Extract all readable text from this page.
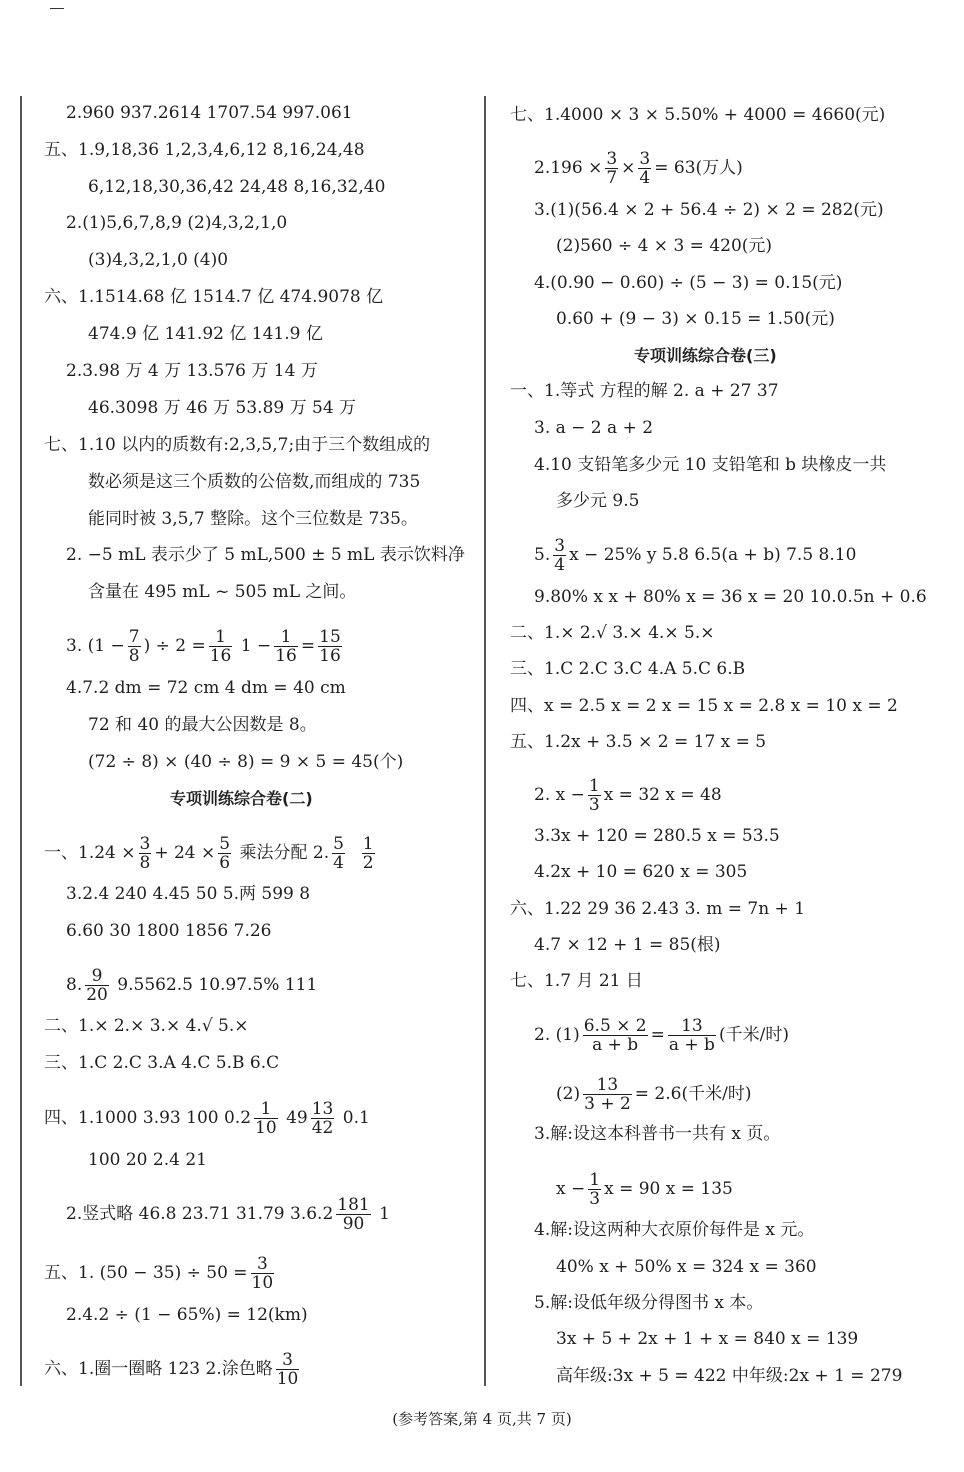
2.960 937.2614 1707.54 997.061
五、1.9,18,36 1,2,3,4,6,12 8,16,24,48
6,12,18,30,36,42 24,48 8,16,32,40
2.(1)5,6,7,8,9 (2)4,3,2,1,0
(3)4,3,2,1,0 (4)0
六、1.1514.68 亿 1514.7 亿 474.9078 亿
474.9 亿 141.92 亿 141.9 亿
2.3.98 万 4 万 13.576 万 14 万
46.3098 万 46 万 53.89 万 54 万
七、1.10 以内的质数有:2,3,5,7;由于三个数组成的
数必须是这三个质数的公倍数,而组成的 735
能同时被 3,5,7 整除。这个三位数是 735。
2. −5 mL 表示少了 5 mL,500 ± 5 mL 表示饮料净
含量在 495 mL ~ 505 mL 之间。
3. ($1 - \frac{7}{8}$ ) ÷ $2 = \frac{1}{16} 1 - \frac{1}{16} = \frac{15}{16}$
4.7.2 dm = 72 cm 4 dm = 40 cm
72 和 40 的最大公因数是 8。
(72 ÷ 8) × (40 ÷ 8) = 9 × 5 = 45(个)
专项训练综合卷(二)
一、$1.24 \times \frac{3}{8} + 24 \times \frac{5}{6}$ 乘法分配 2. $\frac{5}{4}$
$\frac{1}{2}$
3.2.4 240 4.45 50 5.两 599 8
6.60 30 1800 1856 7.26
8. $\frac{9}{20} 9.5562.5$ 10.97.5% 111
二、1.× 2.× 3.× 4.√ 5.×
三、1.C 2.C 3.A 4.C 5.B 6.C
四、1.1000 3.93 100 $0.2 \frac{1}{10} 49 \frac{13}{42} 0.1$
100 20 2.4 21
2.竖式略 46.8 23.71 31.79 $3.6.2 \frac{181}{90} 1$
五、1. $(50 - 35) \div 50 = \frac{3}{10}$
2.4.2 ÷ (1 − 65%) = 12(km)
六、1.圈一圈略 123 2.涂色略 $\frac{3}{10}$
七、1.4000 × 3 × 5.50% + 4000 = 4660(元)
$2.196 \times \frac{3}{7} \times \frac{3}{4} = 63$(万人)
3.(1)(56.4 × 2 + 56.4 ÷ 2) × 2 = 282(元)
(2)560 ÷ 4 × 3 = 420(元)
4.(0.90 − 0.60) ÷ (5 − 3) = 0.15(元)
0.60 + (9 − 3) × 0.15 = 1.50(元)
专项训练综合卷(三)
一、1.等式 方程的解 2. a + 27 37
3. a − 2 a + 2
4.10 支铅笔多少元 10 支铅笔和 b 块橡皮一共
多少元 9.5
5. $\frac{3}{4}$ x − 25% y 5.8 6.5(a + b) 7.5 8.10
9.80% x x + 80% x = 36 x = 20 10.0.5n + 0.6
二、1.× 2.√ 3.× 4.× 5.×
三、1.C 2.C 3.C 4.A 5.C 6.B
四、x = 2.5 x = 2 x = 15 x = 2.8 x = 10 x = 2
五、1.2x + 3.5 × 2 = 17 x = 5
2. $x - \frac{1}{3}$ x = 32 x = 48
3.3x + 120 = 280.5 x = 53.5
4.2x + 10 = 620 x = 305
六、1.22 29 36 2.43 3. m = 7n + 1
4.7 × 12 + 1 = 85(根)
七、1.7 月 21 日
2. $(1) \frac{6.5 \times 2}{a + b} = \frac{13}{a + b}$ (千米/时)
$(2) \frac{13}{3 + 2} = 2.6$(千米/时)
3.解:设这本科普书一共有 x 页。
$x - \frac{1}{3}$ x = 90 x = 135
4.解:设这两种大衣原价每件是 x 元。
40% x + 50% x = 324 x = 360
5.解:设低年级分得图书 x 本。
3x + 5 + 2x + 1 + x = 840 x = 139
高年级:3x + 5 = 422 中年级:2x + 1 = 279
(参考答案,第 4 页,共 7 页)
